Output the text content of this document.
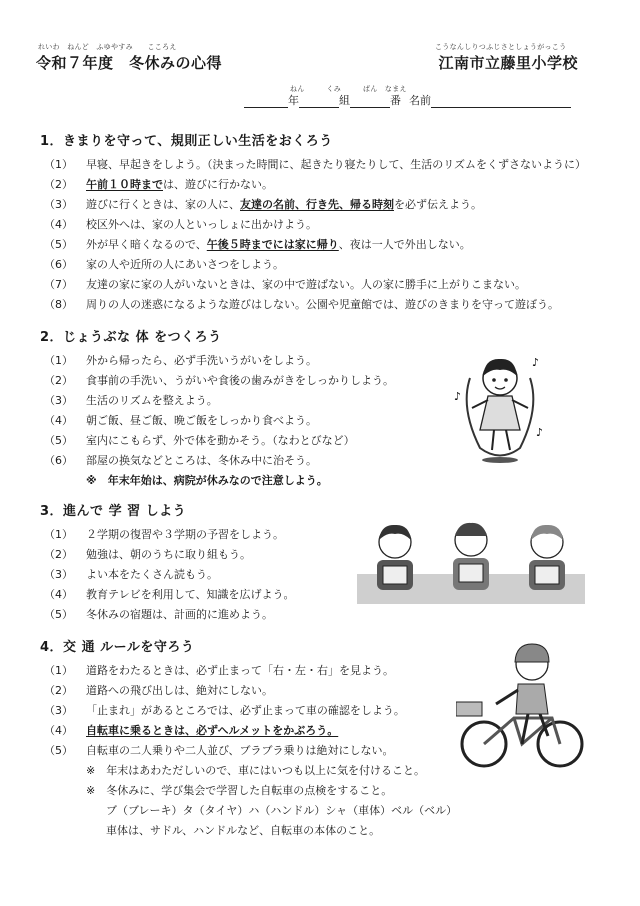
れいわ　ねんど　ふゆやすみ　　こころえ
令和７年度　冬休みの心得
こうなんしりつふじさとしょうがっこう
江南市立藤里小学校
ねん　　　くみ　　　ばん　なまえ
年	組	番 名前
1．きまりを守って、規則正しい生活をおくろう
（1） 早寝、早起きをしよう。（決まった時間に、起きたり寝たりして、生活のリズムをくずさないように）
（2） 午前１０時までは、遊びに行かない。
（3） 遊びに行くときは、家の人に、友達の名前、行き先、帰る時刻を必ず伝えよう。
（4） 校区外へは、家の人といっしょに出かけよう。
（5） 外が早く暗くなるので、午後５時までには家に帰り、夜は一人で外出しない。
（6） 家の人や近所の人にあいさつをしよう。
（7） 友達の家に家の人がいないときは、家の中で遊ばない。人の家に勝手に上がりこまない。
（8） 周りの人の迷惑になるような遊びはしない。公園や児童館では、遊びのきまりを守って遊ぼう。
2．じょうぶな 体 をつくろう
（1） 外から帰ったら、必ず手洗いうがいをしよう。
（2） 食事前の手洗い、うがいや食後の歯みがきをしっかりしよう。
（3） 生活のリズムを整えよう。
（4） 朝ご飯、昼ご飯、晩ご飯をしっかり食べよう。
（5） 室内にこもらず、外で体を動かそう。（なわとびなど）
（6） 部屋の换気などところは、冬休み中に治そう。
※　年末年始は、病院が休みなので注意しよう。
♪
♪
♪
3．進んで 学 習 しよう
（1） ２学期の復習や３学期の予習をしよう。
（2） 勉強は、朝のうちに取り組もう。
（3） よい本をたくさん読もう。
（4） 教育テレビを利用して、知識を広げよう。
（5） 冬休みの宿題は、計画的に進めよう。
4．交 通 ルールを守ろう
（1） 道路をわたるときは、必ず止まって「右・左・右」を見よう。
（2） 道路への飛び出しは、絶対にしない。
（3） 「止まれ」があるところでは、必ず止まって車の確認をしよう。
（4） 自転車に乗るときは、必ずヘルメットをかぶろう。
（5） 自転車の二人乗りや二人並び、ブラブラ乗りは絶対にしない。
※　年末はあわただしいので、車にはいつも以上に気を付けること。
※　冬休みに、学び集会で学習した自転車の点検をすること。
ブ（ブレーキ）タ（タイヤ）ハ（ハンドル）シャ（車体）ベル（ベル）
車体は、サドル、ハンドルなど、自転車の本体のこと。
